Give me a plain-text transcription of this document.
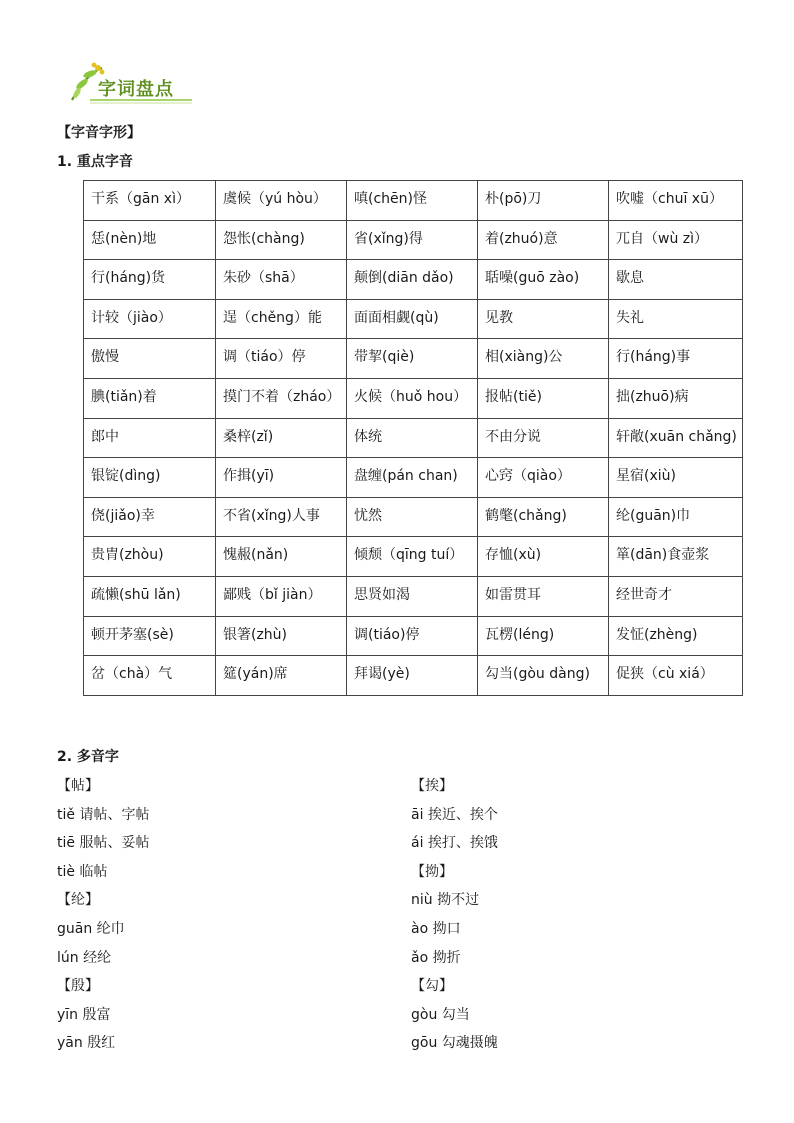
字词盘点
【字音字形】
1. 重点字音
干系（gān xì）	虞候（yú hòu）	嗔(chēn)怪	朴(pō)刀	吹嘘（chuī xū）
恁(nèn)地	怨怅(chàng)	省(xǐng)得	着(zhuó)意	兀自（wù zì）
行(háng)货	朱砂（shā）	颠倒(diān dǎo)	聒噪(guō zào)	歇息
计较（jiào）	逞（chěng）能	面面相觑(qù)	见教	失礼
傲慢	调（tiáo）停	带挈(qiè)	相(xiàng)公	行(háng)事
腆(tiǎn)着	摸门不着（zháo）	火候（huǒ hou）	报帖(tiě)	拙(zhuō)病
郎中	桑梓(zǐ)	体统	不由分说	轩敞(xuān chǎng)
银锭(dìng)	作揖(yī)	盘缠(pán chan)	心窍（qiào）	星宿(xiù)
侥(jiǎo)幸	不省(xǐng)人事	忧然	鹤氅(chǎng)	纶(guān)巾
贵胄(zhòu)	愧赧(nǎn)	倾颓（qīng tuí）	存恤(xù)	箪(dān)食壶浆
疏懒(shū lǎn)	鄙贱（bǐ jiàn）	思贤如渴	如雷贯耳	经世奇才
顿开茅塞(sè)	银箸(zhù)	调(tiáo)停	瓦楞(léng)	发怔(zhèng)
岔（chà）气	筵(yán)席	拜谒(yè)	勾当(gòu dàng)	促狭（cù xiá）
2. 多音字
【帖】
tiě 请帖、字帖
tiē 服帖、妥帖
tiè 临帖
【纶】
guān 纶巾
lún 经纶
【殷】
yīn 殷富
yān 殷红
【挨】
āi 挨近、挨个
ái 挨打、挨饿
【拗】
niù 拗不过
ào 拗口
ǎo 拗折
【勾】
gòu 勾当
gōu 勾魂摄魄
